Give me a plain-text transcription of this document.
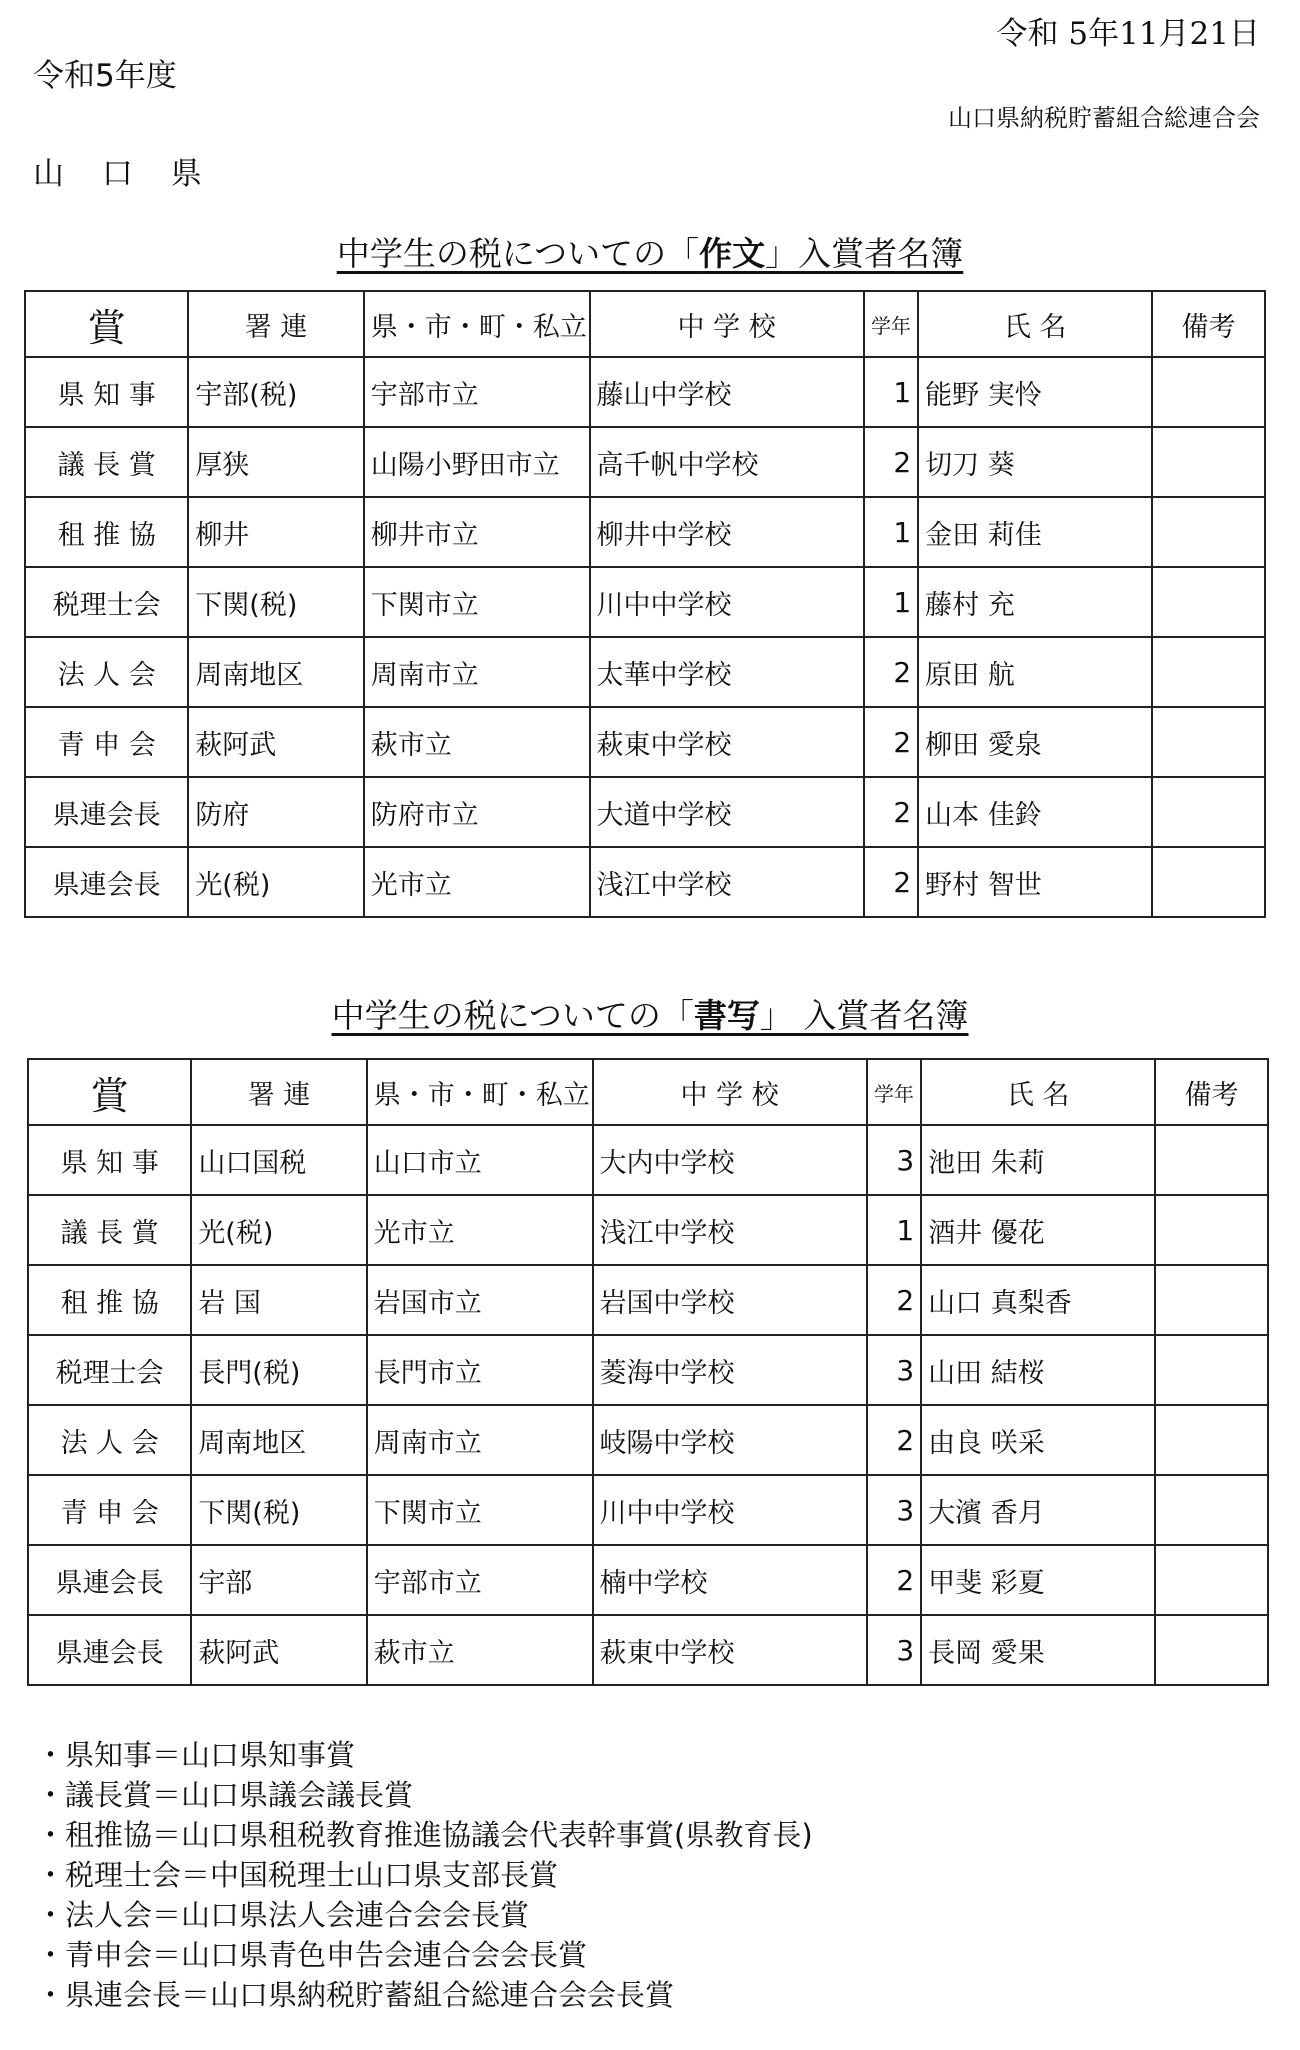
令和 5年11月21日
令和5年度
山口県納税貯蓄組合総連合会
山 口 県
中学生の税についての「作文」入賞者名簿
賞	署 連	県・市・町・私立	中 学 校	学年	氏 名	備考
県 知 事	宇部(税)	宇部市立	藤山中学校	1	能野 実怜	
議 長 賞	厚狭	山陽小野田市立	高千帆中学校	2	切刀 葵	
租 推 協	柳井	柳井市立	柳井中学校	1	金田 莉佳	
税理士会	下関(税)	下関市立	川中中学校	1	藤村 充	
法 人 会	周南地区	周南市立	太華中学校	2	原田 航	
青 申 会	萩阿武	萩市立	萩東中学校	2	柳田 愛泉	
県連会長	防府	防府市立	大道中学校	2	山本 佳鈴	
県連会長	光(税)	光市立	浅江中学校	2	野村 智世	
中学生の税についての「書写」 入賞者名簿
賞	署 連	県・市・町・私立	中 学 校	学年	氏 名	備考
県 知 事	山口国税	山口市立	大内中学校	3	池田 朱莉	
議 長 賞	光(税)	光市立	浅江中学校	1	酒井 優花	
租 推 協	岩 国	岩国市立	岩国中学校	2	山口 真梨香	
税理士会	長門(税)	長門市立	菱海中学校	3	山田 結桜	
法 人 会	周南地区	周南市立	岐陽中学校	2	由良 咲采	
青 申 会	下関(税)	下関市立	川中中学校	3	大濱 香月	
県連会長	宇部	宇部市立	楠中学校	2	甲斐 彩夏	
県連会長	萩阿武	萩市立	萩東中学校	3	長岡 愛果	
・県知事＝山口県知事賞
・議長賞＝山口県議会議長賞
・租推協＝山口県租税教育推進協議会代表幹事賞(県教育長)
・税理士会＝中国税理士山口県支部長賞
・法人会＝山口県法人会連合会会長賞
・青申会＝山口県青色申告会連合会会長賞
・県連会長＝山口県納税貯蓄組合総連合会会長賞
